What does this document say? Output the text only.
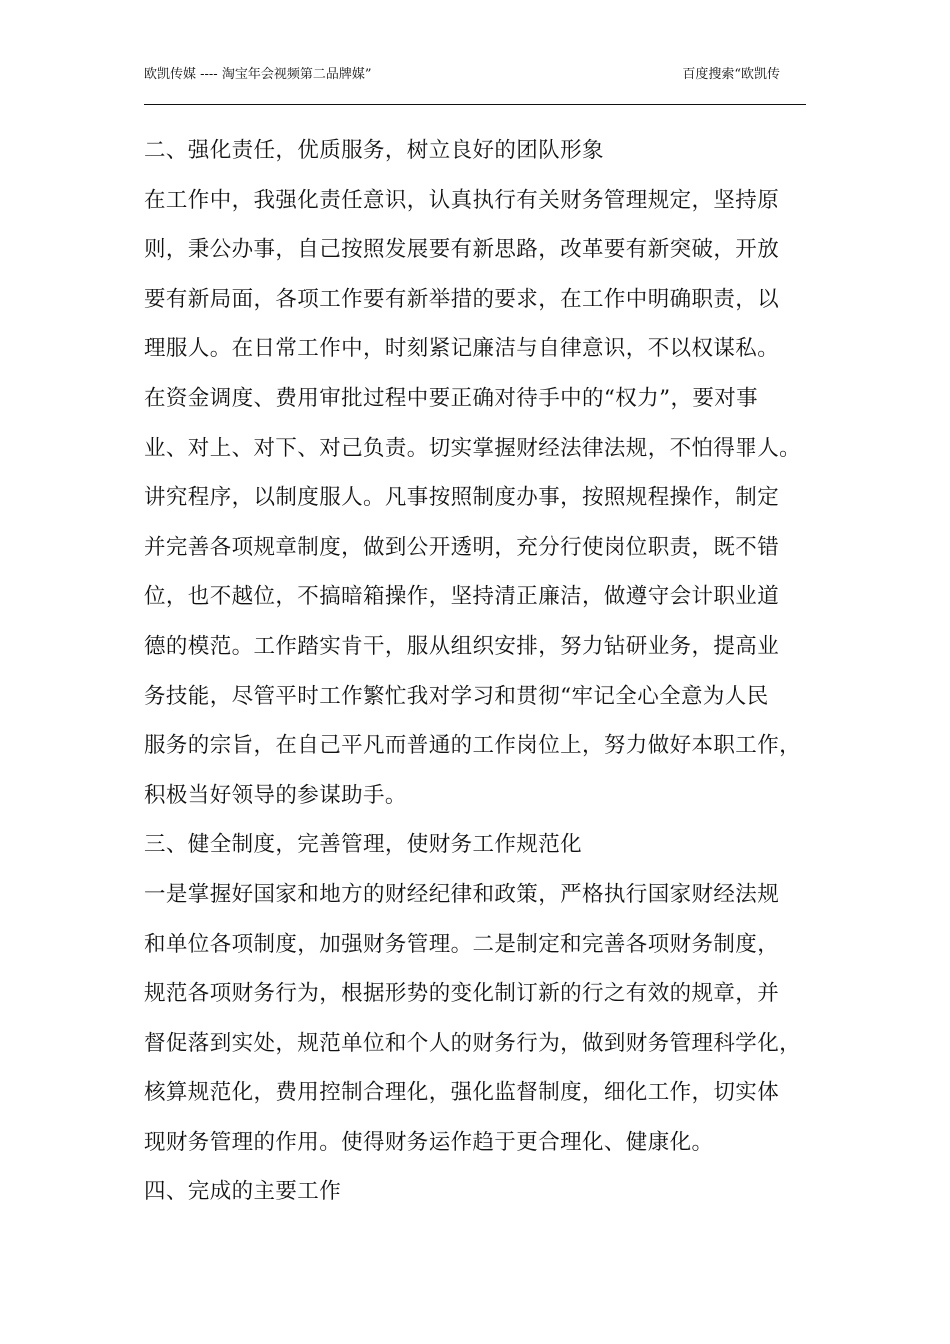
欧凯传媒 ---- 淘宝年会视频第二品牌媒”	百度搜索“欧凯传
二、强化责任，优质服务，树立良好的团队形象
在工作中，我强化责任意识，认真执行有关财务管理规定，坚持原
则，秉公办事，自己按照发展要有新思路，改革要有新突破，开放
要有新局面，各项工作要有新举措的要求，在工作中明确职责，以
理服人。在日常工作中，时刻紧记廉洁与自律意识，不以权谋私。
在资金调度、费用审批过程中要正确对待手中的“权力”，要对事
业、对上、对下、对己负责。切实掌握财经法律法规，不怕得罪人。
讲究程序，以制度服人。凡事按照制度办事，按照规程操作，制定
并完善各项规章制度，做到公开透明，充分行使岗位职责，既不错
位，也不越位，不搞暗箱操作，坚持清正廉洁，做遵守会计职业道
德的模范。工作踏实肯干，服从组织安排，努力钻研业务，提高业
务技能，尽管平时工作繁忙我对学习和贯彻“牢记全心全意为人民
服务的宗旨，在自己平凡而普通的工作岗位上，努力做好本职工作，
积极当好领导的参谋助手。
三、健全制度，完善管理，使财务工作规范化
一是掌握好国家和地方的财经纪律和政策，严格执行国家财经法规
和单位各项制度，加强财务管理。二是制定和完善各项财务制度，
规范各项财务行为，根据形势的变化制订新的行之有效的规章，并
督促落到实处，规范单位和个人的财务行为，做到财务管理科学化，
核算规范化，费用控制合理化，强化监督制度，细化工作，切实体
现财务管理的作用。使得财务运作趋于更合理化、健康化。
四、完成的主要工作
